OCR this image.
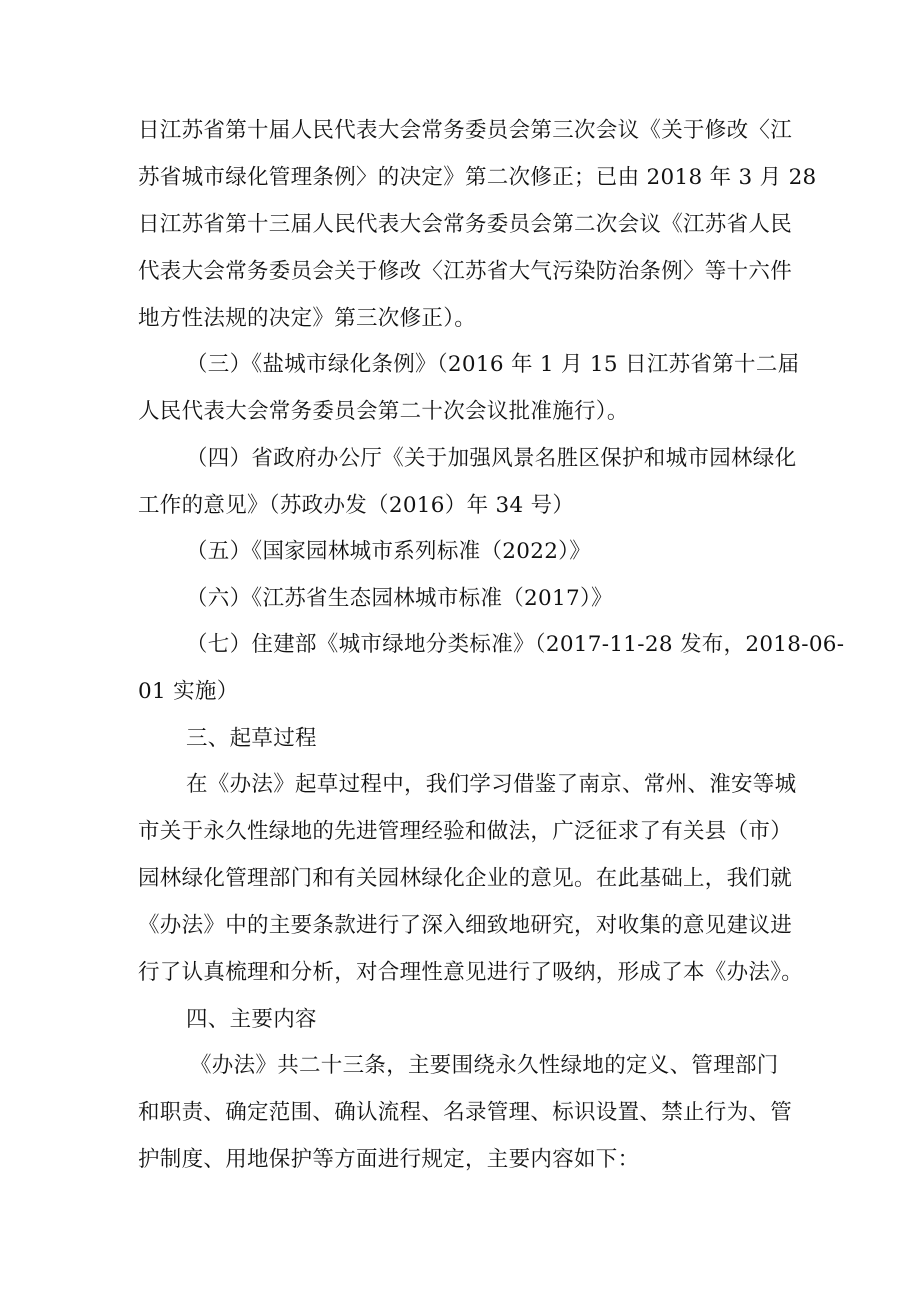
日江苏省第十届人民代表大会常务委员会第三次会议《关于修改〈江
苏省城市绿化管理条例〉的决定》第二次修正；已由 2018 年 3 月 28
日江苏省第十三届人民代表大会常务委员会第二次会议《江苏省人民
代表大会常务委员会关于修改〈江苏省大气污染防治条例〉等十六件
地方性法规的决定》第三次修正）。
（三）《盐城市绿化条例》（2016 年 1 月 15 日江苏省第十二届
人民代表大会常务委员会第二十次会议批准施行）。
（四）省政府办公厅《关于加强风景名胜区保护和城市园林绿化
工作的意见》（苏政办发（2016）年 34 号）
（五）《国家园林城市系列标准（2022）》
（六）《江苏省生态园林城市标准（2017）》
（七）住建部《城市绿地分类标准》（2017-11-28 发布，2018-06-
01 实施）
三、起草过程
在《办法》起草过程中，我们学习借鉴了南京、常州、淮安等城
市关于永久性绿地的先进管理经验和做法，广泛征求了有关县（市）
园林绿化管理部门和有关园林绿化企业的意见。在此基础上，我们就
《办法》中的主要条款进行了深入细致地研究，对收集的意见建议进
行了认真梳理和分析，对合理性意见进行了吸纳，形成了本《办法》。
四、主要内容
《办法》共二十三条，主要围绕永久性绿地的定义、管理部门
和职责、确定范围、确认流程、名录管理、标识设置、禁止行为、管
护制度、用地保护等方面进行规定，主要内容如下：
